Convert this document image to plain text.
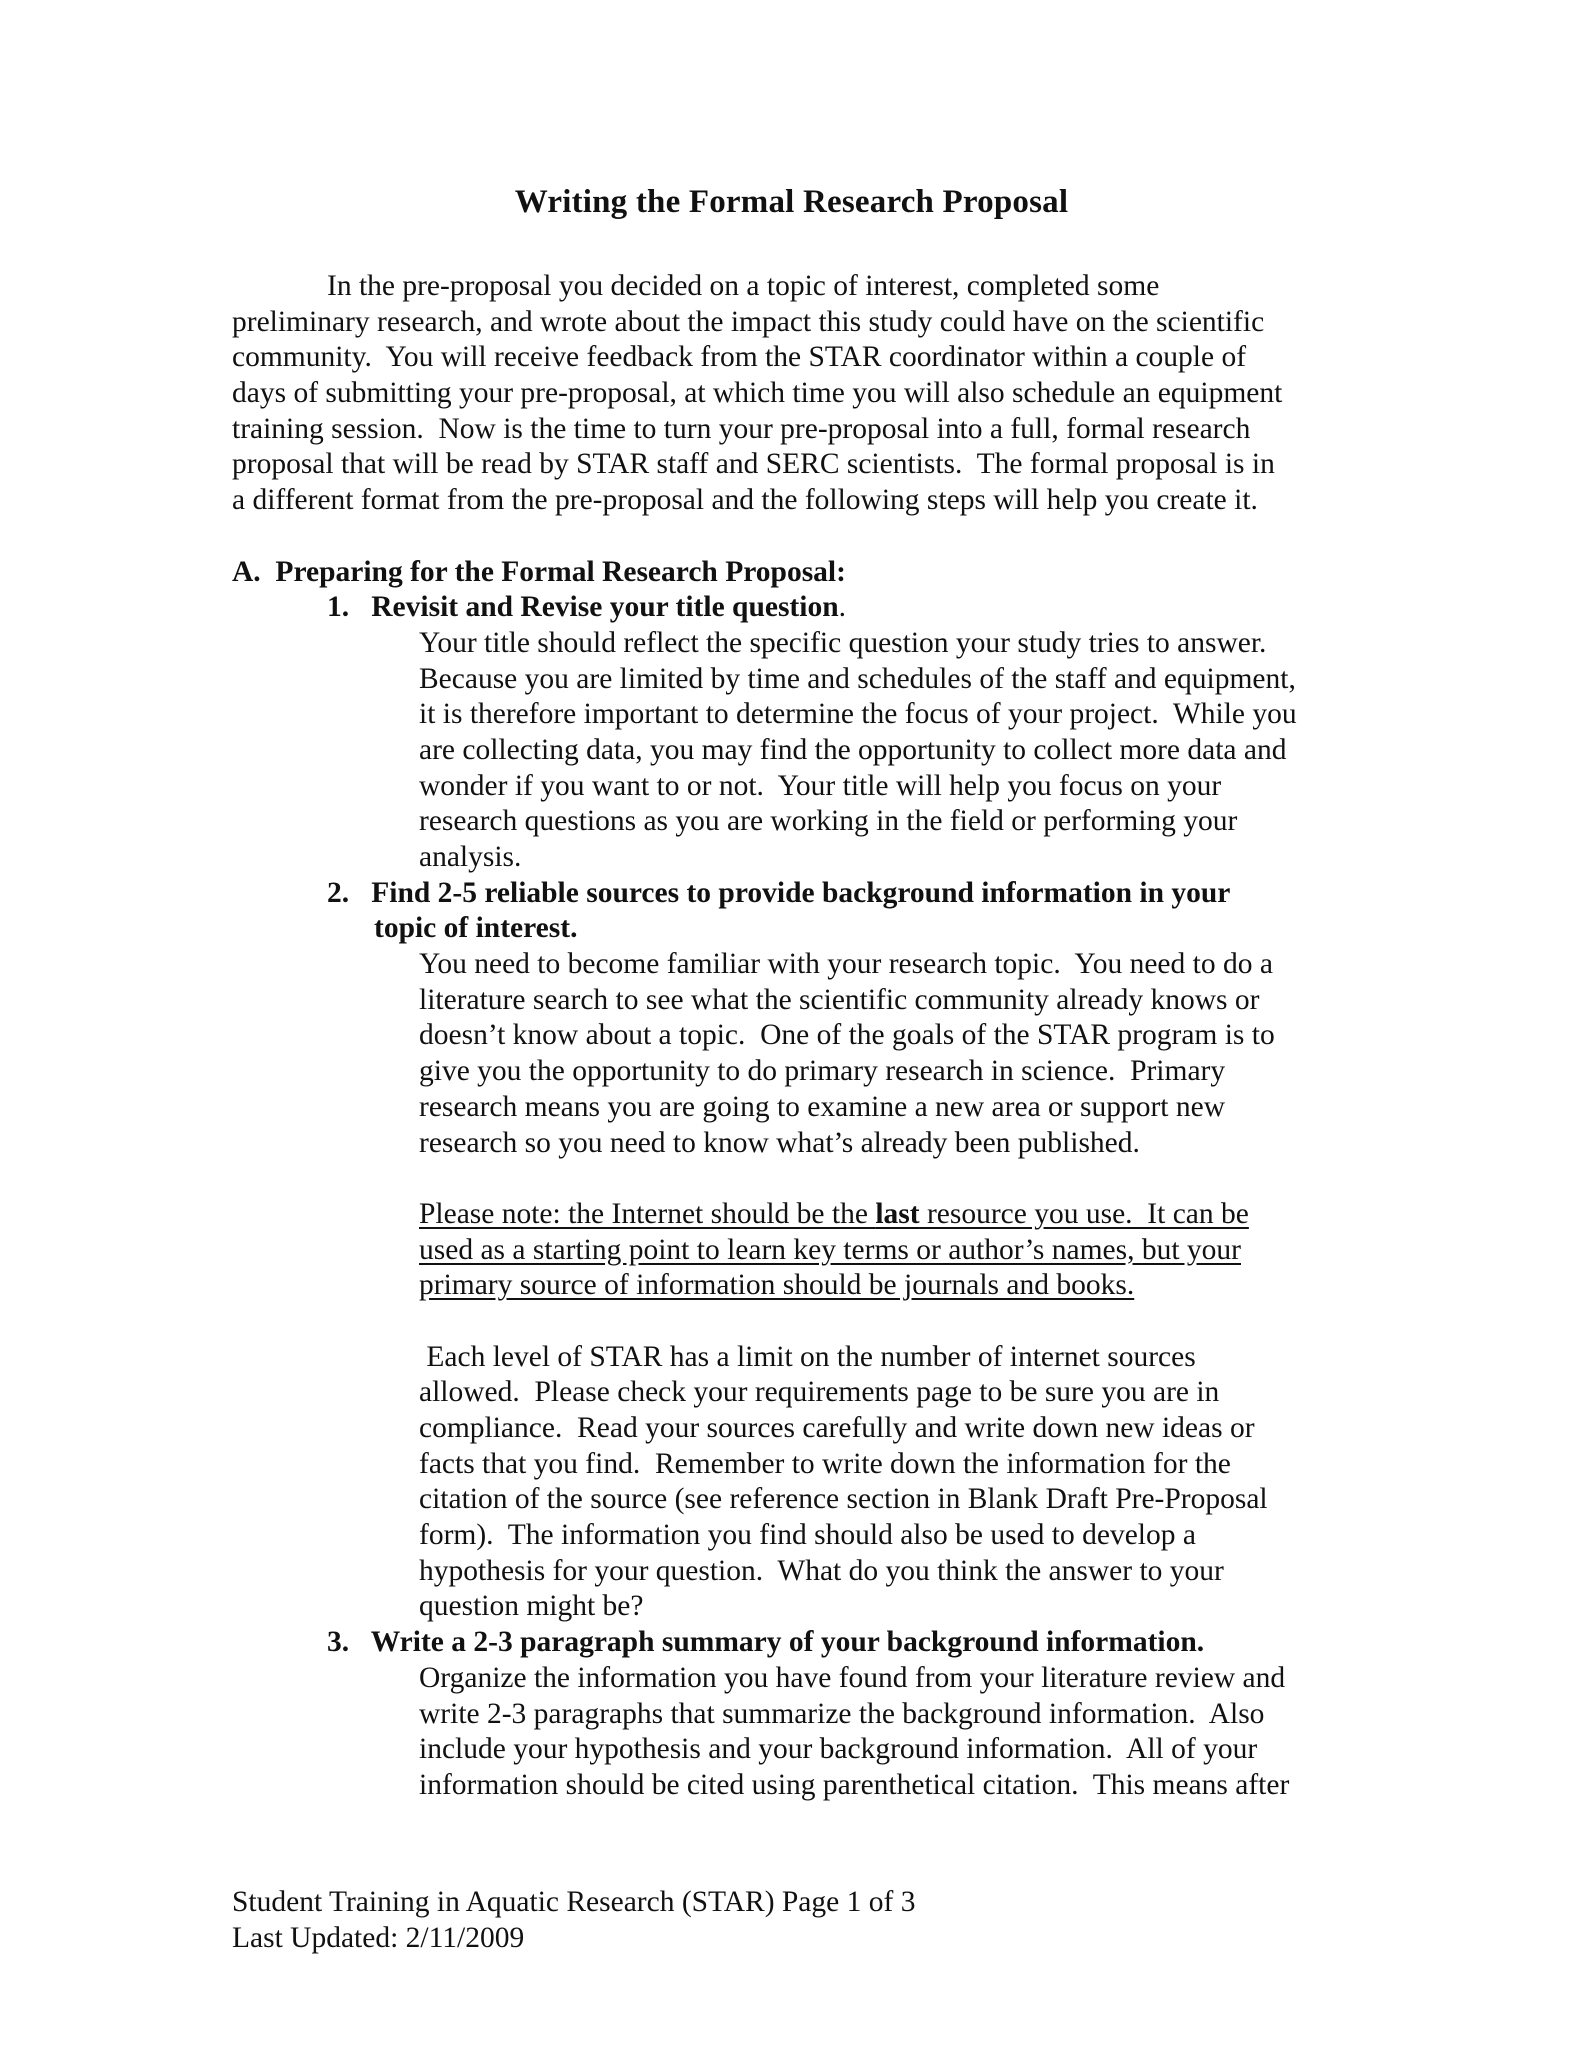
Writing the Formal Research Proposal
In the pre-proposal you decided on a topic of interest, completed some
preliminary research, and wrote about the impact this study could have on the scientific
community.  You will receive feedback from the STAR coordinator within a couple of
days of submitting your pre-proposal, at which time you will also schedule an equipment
training session.  Now is the time to turn your pre-proposal into a full, formal research
proposal that will be read by STAR staff and SERC scientists.  The formal proposal is in
a different format from the pre-proposal and the following steps will help you create it.
A.  Preparing for the Formal Research Proposal:
1.   Revisit and Revise your title question.
Your title should reflect the specific question your study tries to answer.
Because you are limited by time and schedules of the staff and equipment,
it is therefore important to determine the focus of your project.  While you
are collecting data, you may find the opportunity to collect more data and
wonder if you want to or not.  Your title will help you focus on your
research questions as you are working in the field or performing your
analysis.
2.   Find 2-5 reliable sources to provide background information in your
topic of interest.
You need to become familiar with your research topic.  You need to do a
literature search to see what the scientific community already knows or
doesn’t know about a topic.  One of the goals of the STAR program is to
give you the opportunity to do primary research in science.  Primary
research means you are going to examine a new area or support new
research so you need to know what’s already been published.
Please note: the Internet should be the last resource you use.  It can be
used as a starting point to learn key terms or author’s names, but your
primary source of information should be journals and books.
Each level of STAR has a limit on the number of internet sources
allowed.  Please check your requirements page to be sure you are in
compliance.  Read your sources carefully and write down new ideas or
facts that you find.  Remember to write down the information for the
citation of the source (see reference section in Blank Draft Pre-Proposal
form).  The information you find should also be used to develop a
hypothesis for your question.  What do you think the answer to your
question might be?
3.   Write a 2-3 paragraph summary of your background information.
Organize the information you have found from your literature review and
write 2-3 paragraphs that summarize the background information.  Also
include your hypothesis and your background information.  All of your
information should be cited using parenthetical citation.  This means after
Student Training in Aquatic Research (STAR) Page 1 of 3
Last Updated: 2/11/2009
